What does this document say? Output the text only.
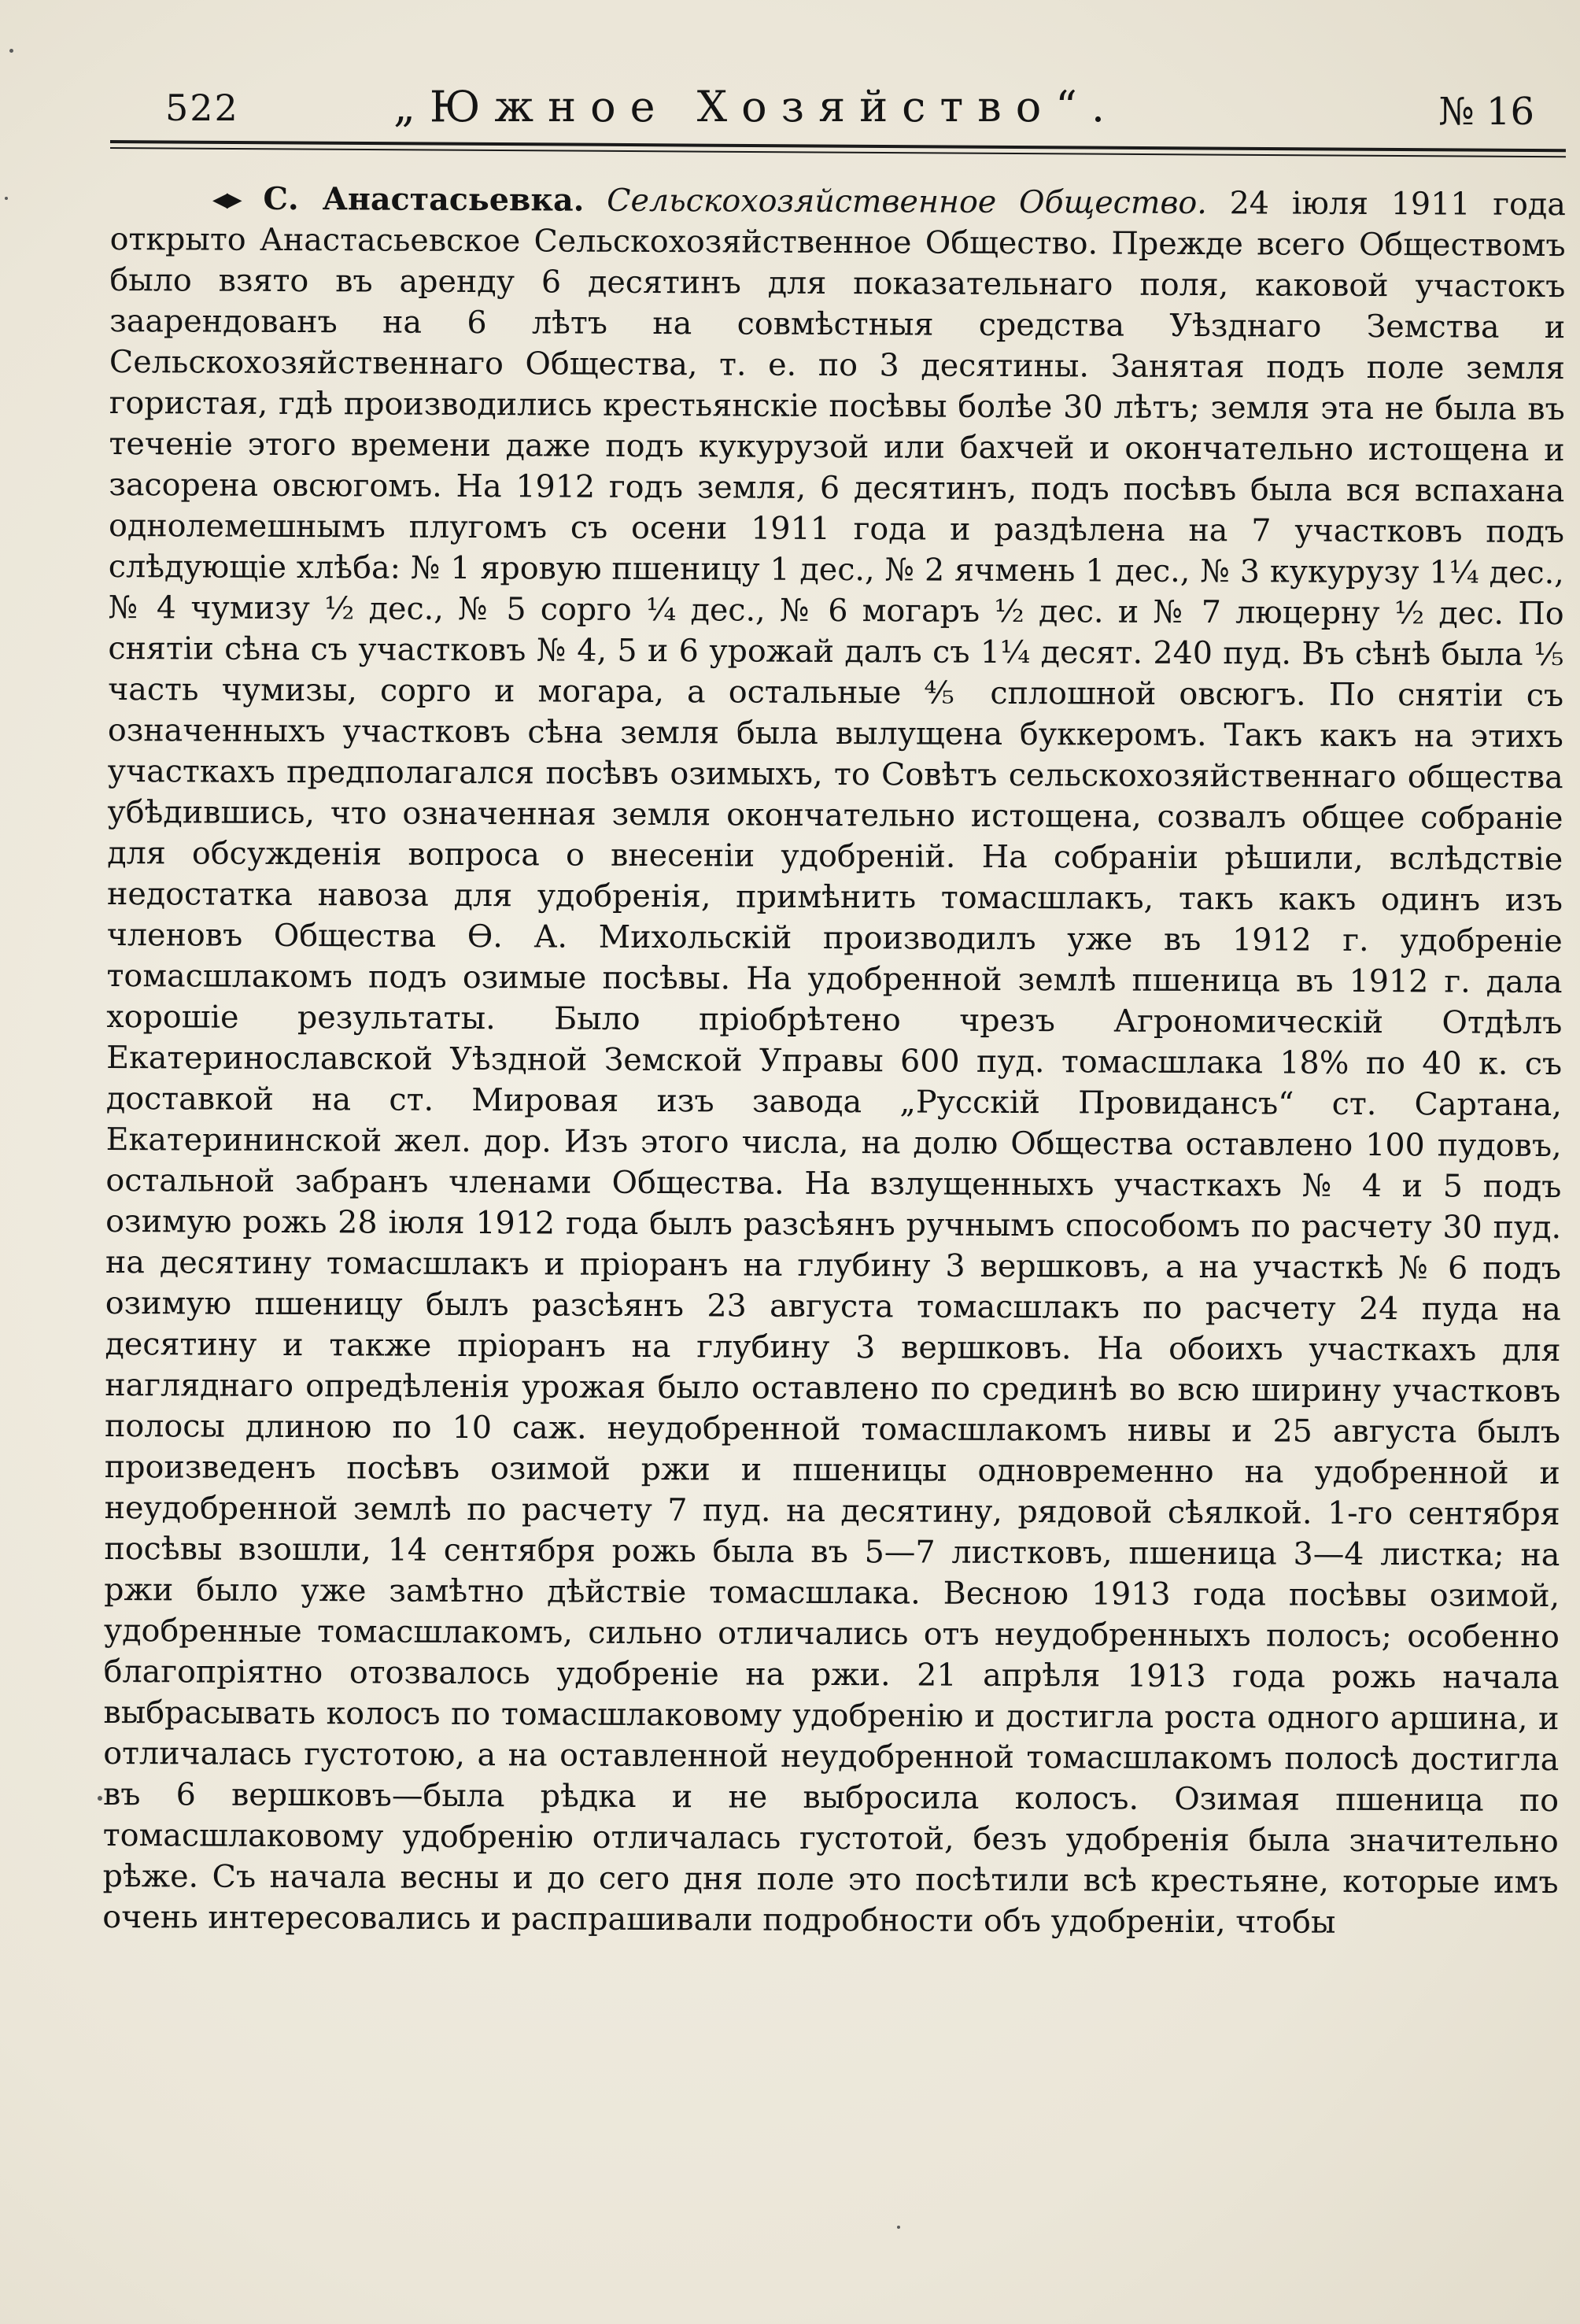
522	„Южное Хозяйство“.	№ 16
◂▸ С. Анастасьевка. Сельскохозяйственное Общество. 24 іюля 1911 года открыто Анастасьевское Сельскохозяйственное Общество. Прежде всего Обществомъ было взято въ аренду 6 десятинъ для показательнаго поля, каковой участокъ заарендованъ на 6 лѣтъ на совмѣстныя средства Уѣзднаго Земства и Сельскохозяйственнаго Общества, т. е. по 3 десятины. Занятая подъ поле земля гористая, гдѣ производились крестьянскіе посѣвы болѣе 30 лѣтъ; земля эта не была въ теченіе этого времени даже подъ кукурузой или бахчей и окончательно истощена и засорена овсюгомъ. На 1912 годъ земля, 6 десятинъ, подъ посѣвъ была вся вспахана однолемешнымъ плугомъ съ осени 1911 года и раздѣлена на 7 участковъ подъ слѣдующіе хлѣба: № 1 яровую пшеницу 1 дес., № 2 ячмень 1 дес., № 3 кукурузу 1¼ дес., № 4 чумизу ½ дес., № 5 сорго ¼ дес., № 6 могаръ ½ дес. и № 7 люцерну ½ дес. По снятіи сѣна съ участковъ № 4, 5 и 6 урожай далъ съ 1¼ десят. 240 пуд. Въ сѣнѣ была ⅕ часть чумизы, сорго и могара, а остальные ⅘ сплошной овсюгъ. По снятіи съ означенныхъ участковъ сѣна земля была вылущена буккеромъ. Такъ какъ на этихъ участкахъ предполагался посѣвъ озимыхъ, то Совѣтъ сельскохозяйственнаго общества убѣдившись, что означенная земля окончательно истощена, созвалъ общее собраніе для обсужденія вопроса о внесеніи удобреній. На собраніи рѣшили, вслѣдствіе недостатка навоза для удобренія, примѣнить томасшлакъ, такъ какъ одинъ изъ членовъ Общества Ѳ. А. Михольскій производилъ уже въ 1912 г. удобреніе томасшлакомъ подъ озимые посѣвы. На удобренной землѣ пшеница въ 1912 г. дала хорошіе результаты. Было пріобрѣтено чрезъ Агрономическій Отдѣлъ Екатеринославской Уѣздной Земской Управы 600 пуд. томасшлака 18% по 40 к. съ доставкой на ст. Мировая изъ завода „Русскій Провидансъ“ ст. Сартана, Екатерининской жел. дор. Изъ этого числа, на долю Общества оставлено 100 пудовъ, остальной забранъ членами Общества. На взлущенныхъ участкахъ № 4 и 5 подъ озимую рожь 28 іюля 1912 года былъ разсѣянъ ручнымъ способомъ по расчету 30 пуд. на десятину томасшлакъ и пріоранъ на глубину 3 вершковъ, а на участкѣ № 6 подъ озимую пшеницу былъ разсѣянъ 23 августа томасшлакъ по расчету 24 пуда на десятину и также пріоранъ на глубину 3 вершковъ. На обоихъ участкахъ для нагляднаго опредѣленія урожая было оставлено по срединѣ во всю ширину участковъ полосы длиною по 10 саж. неудобренной томасшлакомъ нивы и 25 августа былъ произведенъ посѣвъ озимой ржи и пшеницы одновременно на удобренной и неудобренной землѣ по расчету 7 пуд. на десятину, рядовой сѣялкой. 1-го сентября посѣвы взошли, 14 сентября рожь была въ 5—7 листковъ, пшеница 3—4 листка; на ржи было уже замѣтно дѣйствіе томасшлака. Весною 1913 года посѣвы озимой, удобренные томасшлакомъ, сильно отличались отъ неудобренныхъ полосъ; особенно благопріятно отозвалось удобреніе на ржи. 21 апрѣля 1913 года рожь начала выбрасывать колосъ по томасшлаковому удобренію и достигла роста одного аршина, и отличалась густотою, а на оставленной неудобренной томасшлакомъ полосѣ достигла въ 6 вершковъ—была рѣдка и не выбросила колосъ. Озимая пшеница по томасшлаковому удобренію отличалась густотой, безъ удобренія была значительно рѣже. Съ начала весны и до сего дня поле это посѣтили всѣ крестьяне, которые имъ очень интересовались и распрашивали подробности объ удобреніи, чтобы
